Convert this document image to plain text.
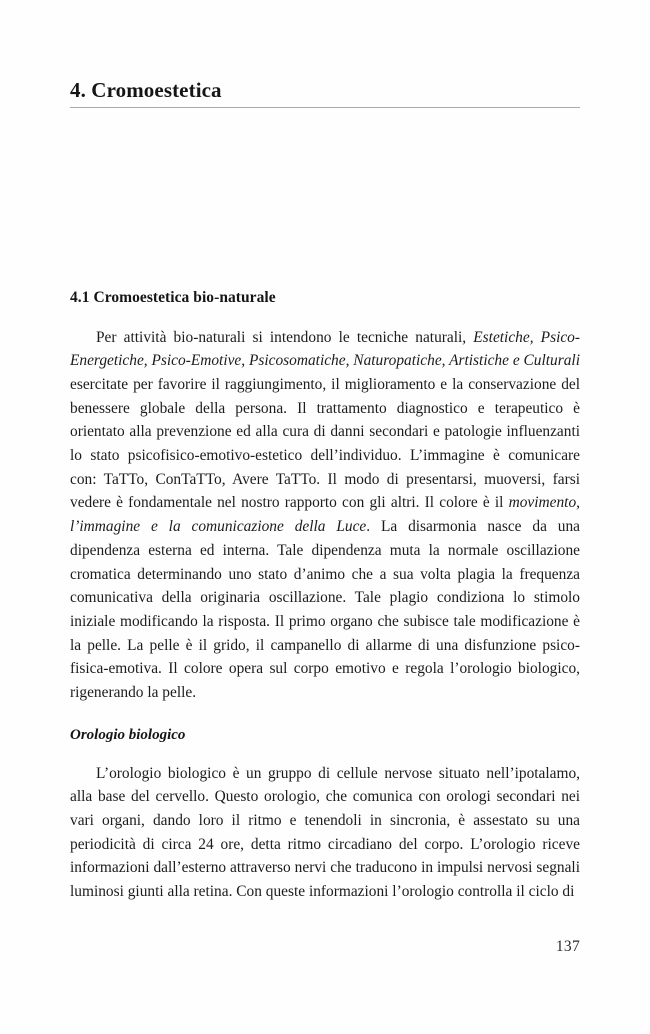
4. Cromoestetica
4.1 Cromoestetica bio-naturale

Per attività bio-naturali si intendono le tecniche naturali, Estetiche, Psico-Energetiche, Psico-Emotive, Psicosomatiche, Naturopatiche, Artistiche e Culturali esercitate per favorire il raggiungimento, il miglioramento e la conservazione del benessere globale della persona. Il trattamento diagnostico e terapeutico è orientato alla prevenzione ed alla cura di danni secondari e patologie influenzanti lo stato psicofisico-emotivo-estetico dell’individuo. L’immagine è comunicare con: TaTTo, ConTaTTo, Avere TaTTo. Il modo di presentarsi, muoversi, farsi vedere è fondamentale nel nostro rapporto con gli altri. Il colore è il movimento, l’immagine e la comunicazione della Luce. La disarmonia nasce da una dipendenza esterna ed interna. Tale dipendenza muta la normale oscillazione cromatica determinando uno stato d’animo che a sua volta plagia la frequenza comunicativa della originaria oscillazione. Tale plagio condiziona lo stimolo iniziale modificando la risposta. Il primo organo che subisce tale modificazione è la pelle. La pelle è il grido, il campanello di allarme di una disfunzione psico-fisica-emotiva. Il colore opera sul corpo emotivo e regola l’orologio biologico, rigenerando la pelle.

Orologio biologico

L’orologio biologico è un gruppo di cellule nervose situato nell’ipotalamo, alla base del cervello. Questo orologio, che comunica con orologi secondari nei vari organi, dando loro il ritmo e tenendoli in sincronia, è assestato su una periodicità di circa 24 ore, detta ritmo circadiano del corpo. L’orologio riceve informazioni dall’esterno attraverso nervi che traducono in impulsi nervosi segnali luminosi giunti alla retina. Con queste informazioni l’orologio controlla il ciclo di

137
